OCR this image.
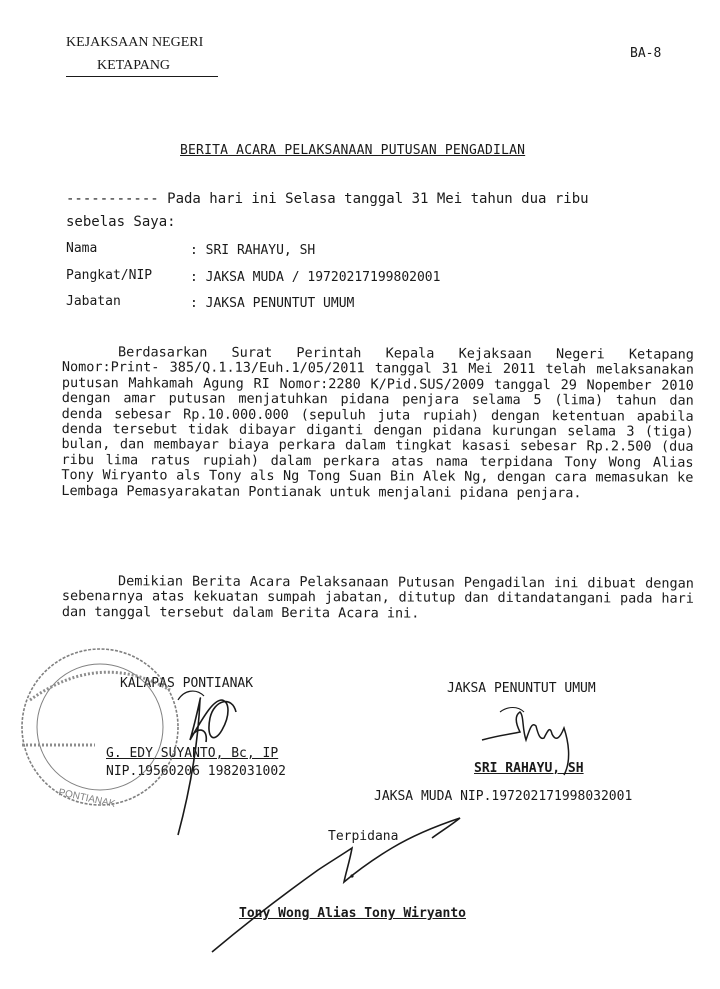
KEJAKSAAN NEGERI
KETAPANG
BA-8
BERITA ACARA PELAKSANAAN PUTUSAN PENGADILAN
----------- Pada hari ini Selasa tanggal 31 Mei tahun dua ribu
sebelas Saya:
Nama	: SRI RAHAYU, SH
Pangkat/NIP	: JAKSA MUDA / 19720217199802001
Jabatan	: JAKSA PENUNTUT UMUM
Berdasarkan Surat Perintah Kepala Kejaksaan Negeri Ketapang Nomor:Print- 385/Q.1.13/Euh.1/05/2011 tanggal 31 Mei 2011 telah melaksanakan putusan Mahkamah Agung RI Nomor:2280 K/Pid.SUS/2009 tanggal 29 Nopember 2010 dengan amar putusan menjatuhkan pidana penjara selama 5 (lima) tahun dan denda sebesar Rp.10.000.000 (sepuluh juta rupiah) dengan ketentuan apabila denda tersebut tidak dibayar diganti dengan pidana kurungan selama 3 (tiga) bulan, dan membayar biaya perkara dalam tingkat kasasi sebesar Rp.2.500 (dua ribu lima ratus rupiah) dalam perkara atas nama terpidana Tony Wong Alias Tony Wiryanto als Tony als Ng Tong Suan Bin Alek Ng, dengan cara memasukan ke Lembaga Pemasyarakatan Pontianak untuk menjalani pidana penjara.
Demikian Berita Acara Pelaksanaan Putusan Pengadilan ini dibuat dengan sebenarnya atas kekuatan sumpah jabatan, ditutup dan ditandatangani pada hari dan tanggal tersebut dalam Berita Acara ini.
KALAPAS PONTIANAK
G. EDY SUYANTO, Bc, IP
NIP.19560206 1982031002
JAKSA PENUNTUT UMUM
SRI RAHAYU, SH
JAKSA MUDA NIP.197202171998032001
Terpidana
Tony Wong Alias Tony Wiryanto
PONTIANAK
